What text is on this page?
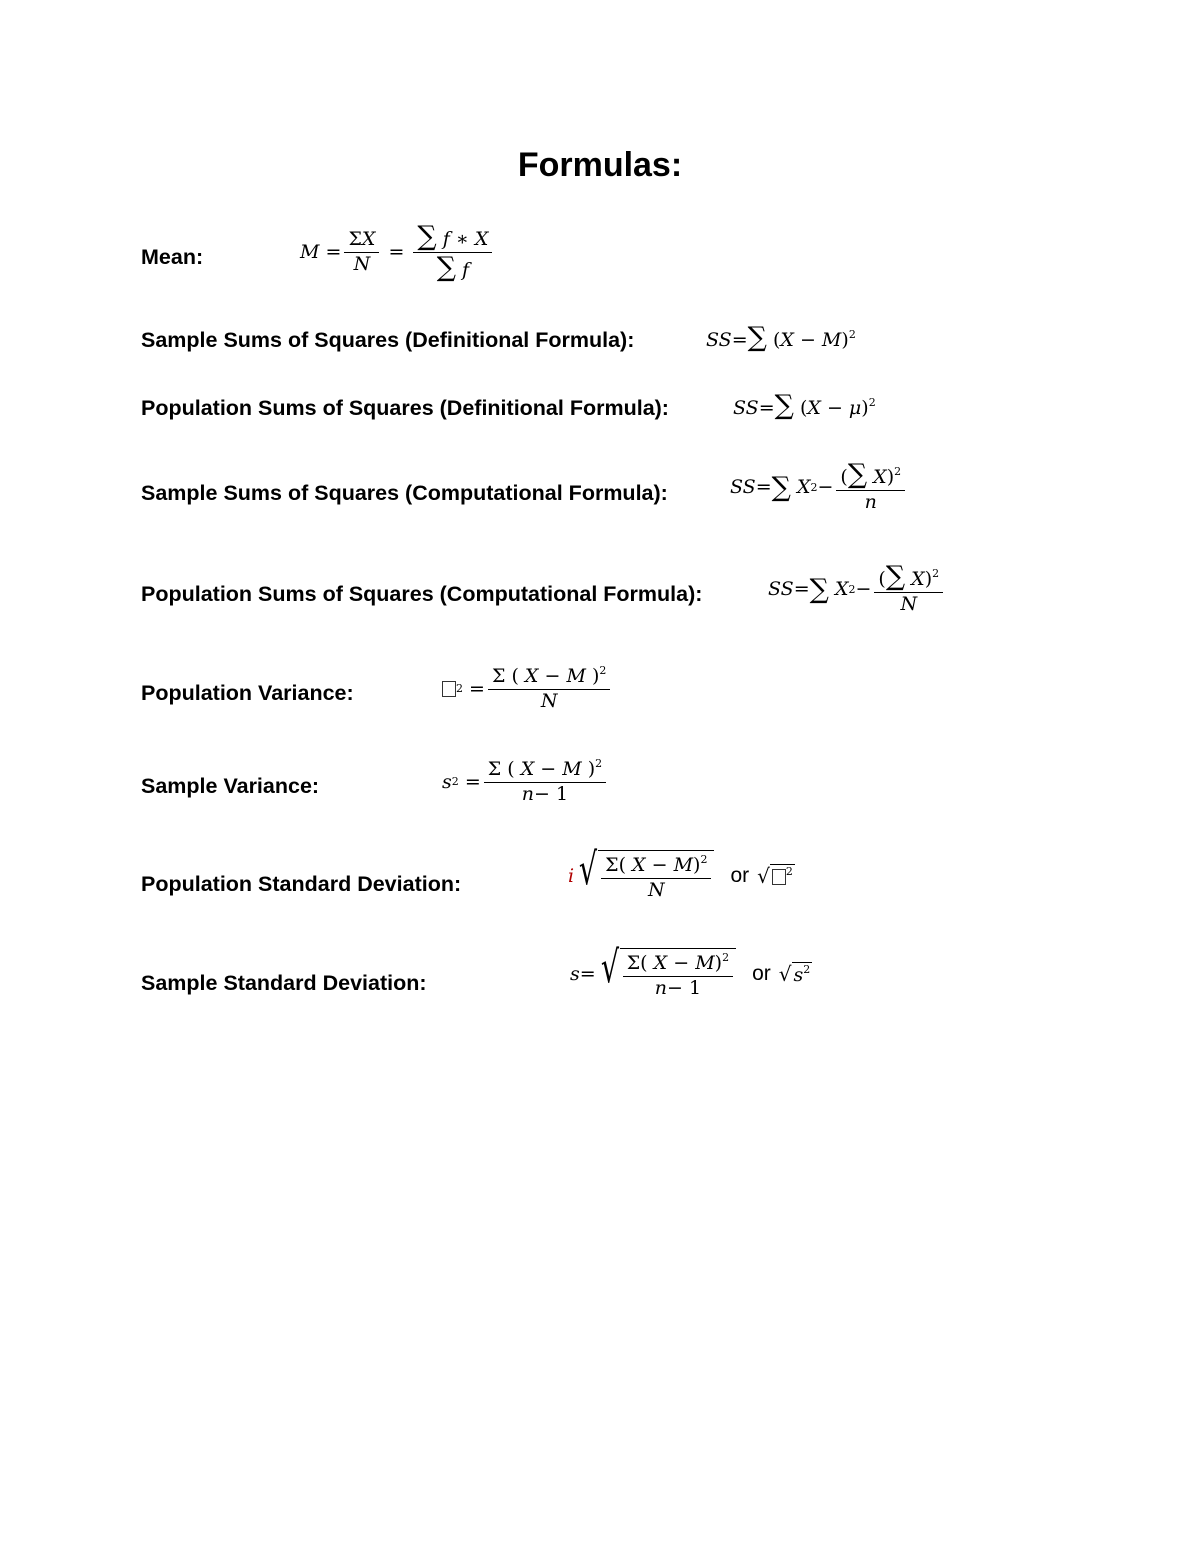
Formulas:
Mean:	M
= $\frac{\Sigma X}{N}$
=
$\frac{\sum f ∗ X}{\sum f}$
Sample Sums of Squares (Definitional Formula):	SS=∑ $(X - M)^2$
Population Sums of Squares (Definitional Formula):	SS=∑ $(X - \mu)^2$
Sample Sums of Squares (Computational Formula):	SS = ∑
X $2 - \frac{(\sum X)^2}{n}$
Population Sums of Squares (Computational Formula):	SS = ∑
X $2 - \frac{(\sum X)^2}{N}$
Population Variance:	2
= $\frac{\Sigma ( X - M )^2}{N}$
Sample Variance:	s 2
= $\frac{\Sigma ( X - M )^2}{n- 1}$
Population Standard Deviation:	i √ $\frac{\Sigma( X - M)^2}{N}$ or √	$^2$
Sample Standard Deviation:	s = √ $\frac{\Sigma( X - M)^2}{n- 1}$ or √ $s^2$
